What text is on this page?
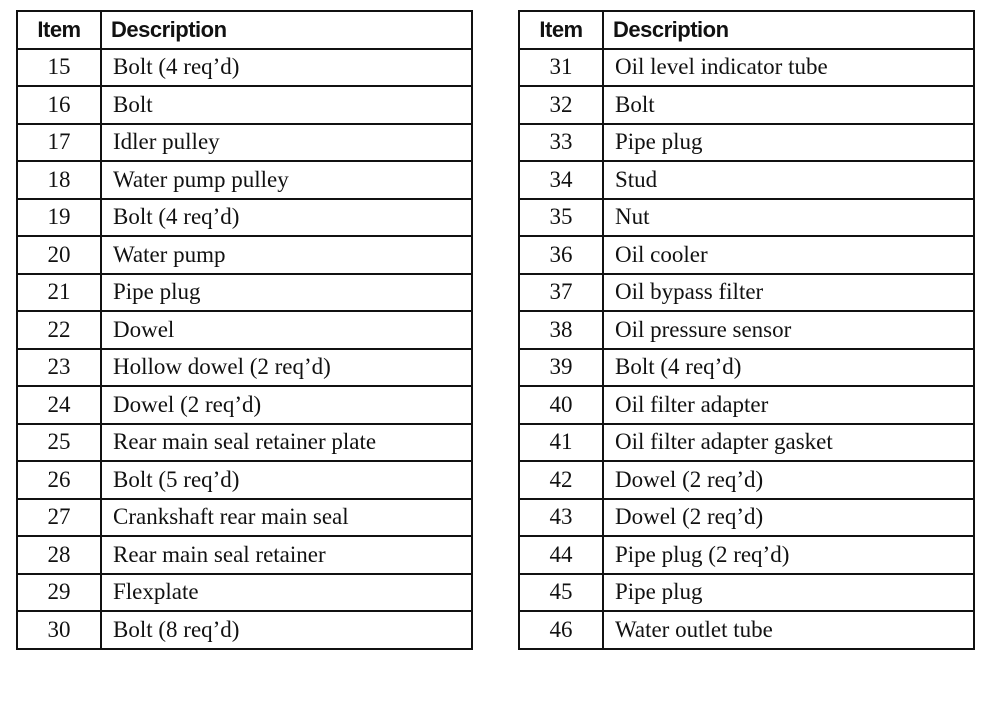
Item	Description
15	Bolt (4 req’d)
16	Bolt
17	Idler pulley
18	Water pump pulley
19	Bolt (4 req’d)
20	Water pump
21	Pipe plug
22	Dowel
23	Hollow dowel (2 req’d)
24	Dowel (2 req’d)
25	Rear main seal retainer plate
26	Bolt (5 req’d)
27	Crankshaft rear main seal
28	Rear main seal retainer
29	Flexplate
30	Bolt (8 req’d)
Item	Description
31	Oil level indicator tube
32	Bolt
33	Pipe plug
34	Stud
35	Nut
36	Oil cooler
37	Oil bypass filter
38	Oil pressure sensor
39	Bolt (4 req’d)
40	Oil filter adapter
41	Oil filter adapter gasket
42	Dowel (2 req’d)
43	Dowel (2 req’d)
44	Pipe plug (2 req’d)
45	Pipe plug
46	Water outlet tube
